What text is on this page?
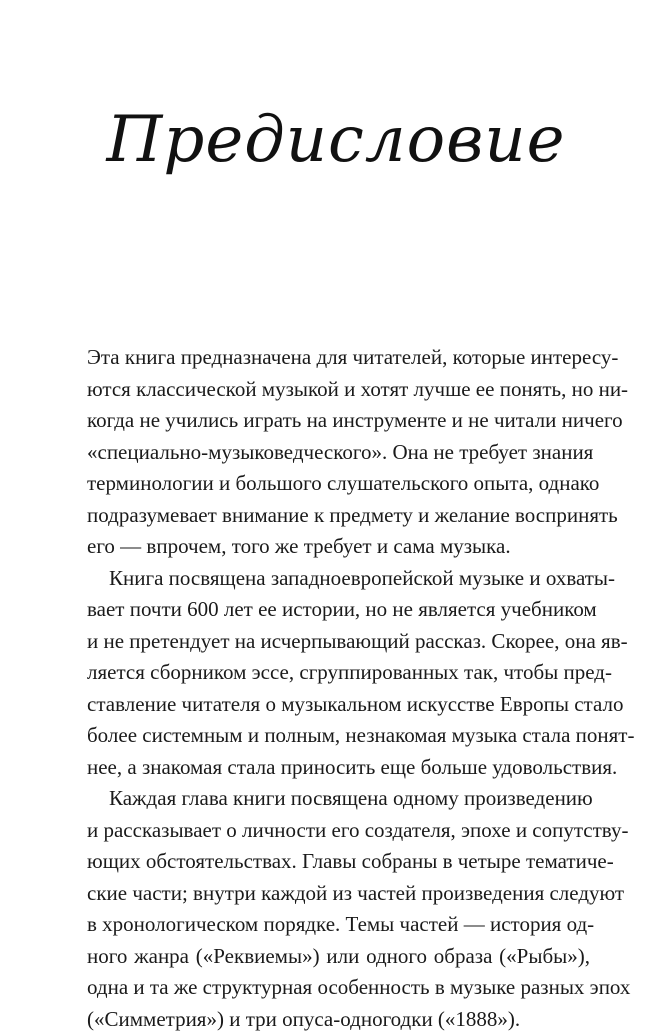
Предисловие
Эта книга предназначена для читателей, которые интересу-
ются классической музыкой и хотят лучше ее понять, но ни-
когда не учились играть на инструменте и не читали ничего
«специально-музыковедческого». Она не требует знания
терминологии и большого слушательского опыта, однако
подразумевает внимание к предмету и желание воспринять
его — впрочем, того же требует и сама музыка.
Книга посвящена западноевропейской музыке и охваты-
вает почти 600 лет ее истории, но не является учебником
и не претендует на исчерпывающий рассказ. Скорее, она яв-
ляется сборником эссе, сгруппированных так, чтобы пред-
ставление читателя о музыкальном искусстве Европы стало
более системным и полным, незнакомая музыка стала понят-
нее, а знакомая стала приносить еще больше удовольствия.
Каждая глава книги посвящена одному произведению
и рассказывает о личности его создателя, эпохе и сопутству-
ющих обстоятельствах. Главы собраны в четыре тематиче-
ские части; внутри каждой из частей произведения следуют
в хронологическом порядке. Темы частей — история од-
ного жанра («Реквиемы») или одного образа («Рыбы»),
одна и та же структурная особенность в музыке разных эпох
(«Симметрия») и три опуса-одногодки («1888»).
